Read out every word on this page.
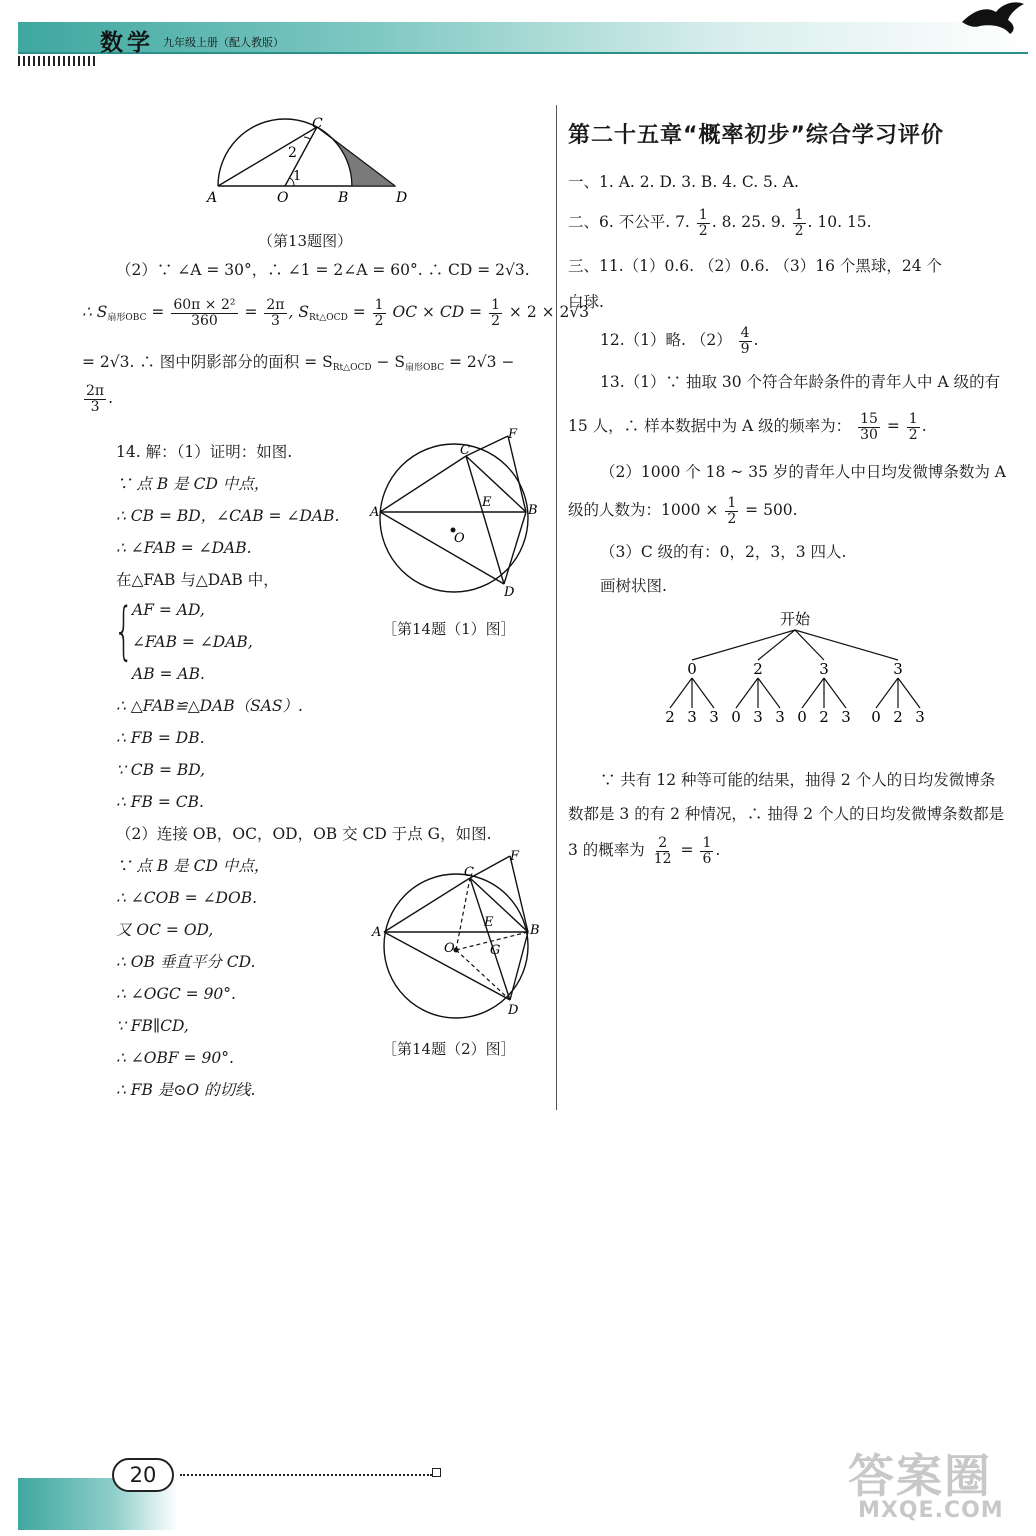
数学 九年级上册（配人教版）
C
2
1
A	O	B	D
（第13题图）
（2）∵ ∠A = 30°，∴ ∠1 = 2∠A = 60°. ∴ CD = 2√3.
∴ $S_{扇形OBC} = \frac{\text{60π × 2²}}{360} = \frac{2\pi}{3}$ , $S_{Rt\triangle OCD} = \frac{1}{2}$ OC × CD = $\frac{1}{2} \times 2 \times 2√3$
= 2√3. ∴ 图中阴影部分的面积 = $S_{Rt\triangle OCD} - S_{扇形OBC} = 2√3$ −
$\frac{2\pi}{3}$ .
14. 解：（1）证明：如图.
∵ 点 B 是 CD 中点，
∴ CB = BD，∠CAB = ∠DAB.
∴ ∠FAB = ∠DAB.
在△FAB 与△DAB 中，
{
AF = AD,
∠FAB = ∠DAB,
AB = AB.
∴ △FAB≌△DAB（SAS）.
∴ FB = DB.
∵ CB = BD,
∴ FB = CB.
（2）连接 OB，OC，OD，OB 交 CD 于点 G，如图.
∵ 点 B 是 CD 中点，
∴ ∠COB = ∠DOB.
又 OC = OD,
∴ OB 垂直平分 CD.
∴ ∠OGC = 90°.
∵ FB∥CD,
∴ ∠OBF = 90°.
∴ FB 是⊙O 的切线.
F
C
A
E
B
O
D
［第14题（1）图］
F
C
A
E
B
O	G
D
［第14题（2）图］
第二十五章“概率初步”综合学习评价
一、1. A. 2. D. 3. B. 4. C. 5. A.
二、6. 不公平. 7. $\frac{1}{2}$ . 8. 25. 9. $\frac{1}{2}$ . 10. 15.
三、11.（1）0.6. （2）0.6. （3）16 个黑球，24 个
白球.
12.（1）略. $(2) \frac{4}{9}$ .
13.（1）∵ 抽取 30 个符合年龄条件的青年人中 A 级的有
15 人，∴ 样本数据中为 A 级的频率为： $\frac{15}{30} = \frac{1}{2}$ .
（2）1000 个 18 ~ 35 岁的青年人中日均发微博条数为 A
级的人数为：$1000 \times \frac{1}{2} = 500$.
（3）C 级的有：0，2，3，3 四人.
画树状图.
∵ 共有 12 种等可能的结果，抽得 2 个人的日均发微博条
数都是 3 的有 2 种情况，∴ 抽得 2 个人的日均发微博条数都是
3 的概率为 $\frac{2}{12} = \frac{1}{6}$ .
开始
0
2 3 3
2
0 3 3
3
0 2 3
3
0 2 3
20	答案圈
MXQE.COM
